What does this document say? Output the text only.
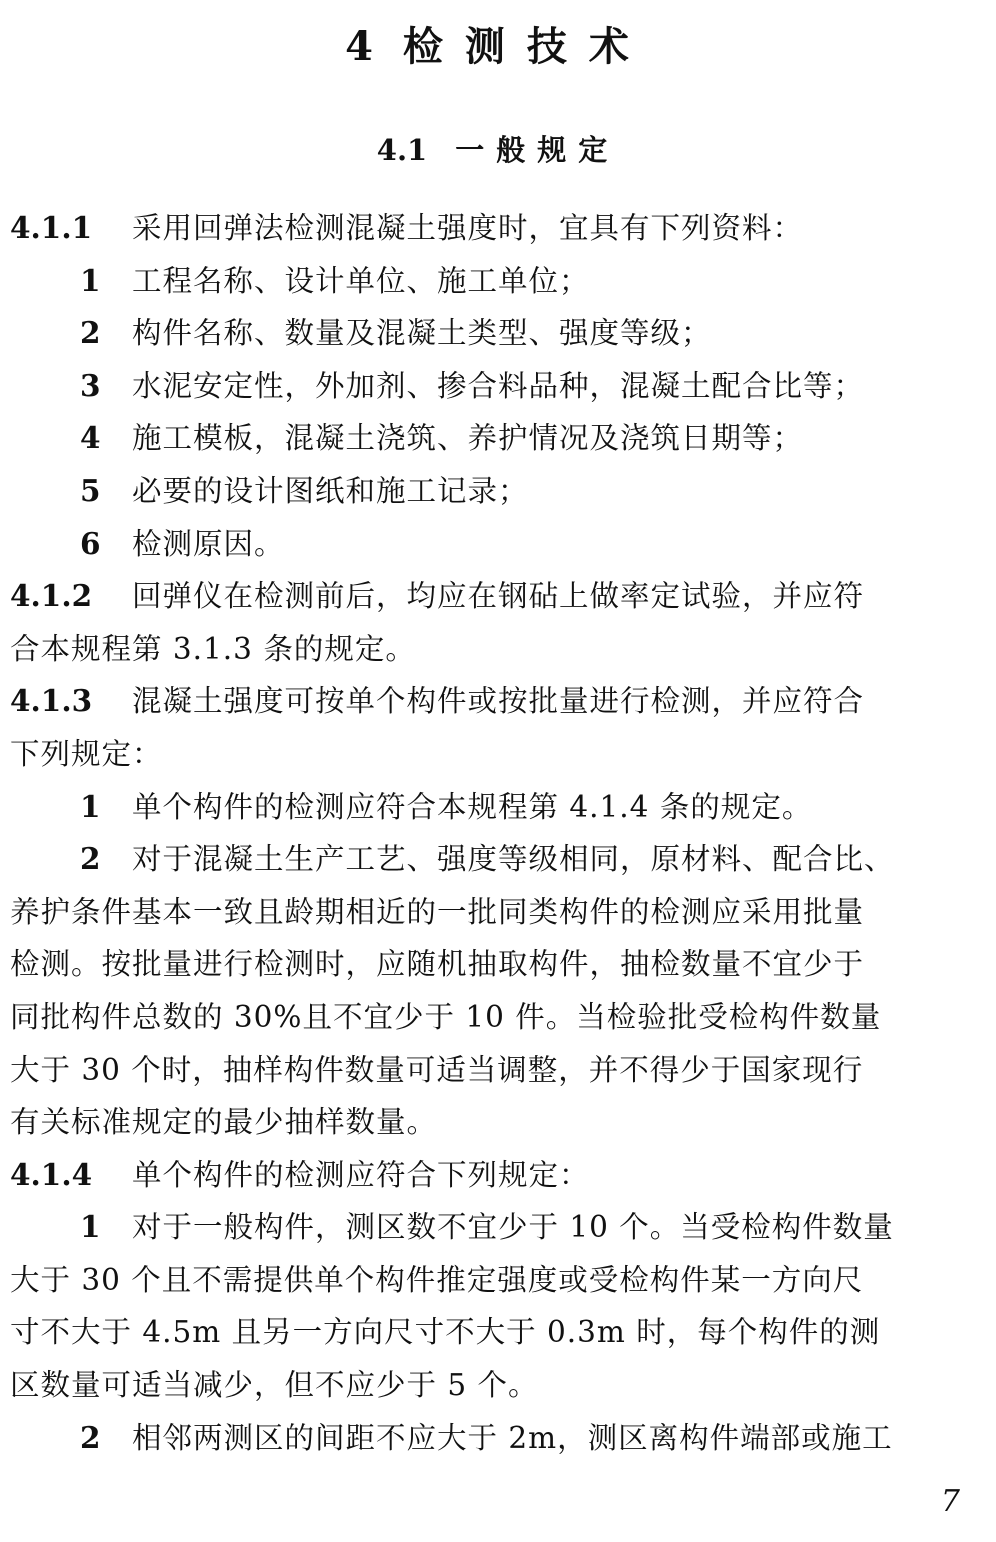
4 检测技术
4.1 一般规定

4.1.1 采用回弹法检测混凝土强度时，宜具有下列资料：

1 工程名称、设计单位、施工单位；

2 构件名称、数量及混凝土类型、强度等级；

3 水泥安定性，外加剂、掺合料品种，混凝土配合比等；

4 施工模板，混凝土浇筑、养护情况及浇筑日期等；

5 必要的设计图纸和施工记录；

6 检测原因。

4.1.2 回弹仪在检测前后，均应在钢砧上做率定试验，并应符

合本规程第 3.1.3 条的规定。

4.1.3 混凝土强度可按单个构件或按批量进行检测，并应符合

下列规定：

1 单个构件的检测应符合本规程第 4.1.4 条的规定。

2 对于混凝土生产工艺、强度等级相同，原材料、配合比、

养护条件基本一致且龄期相近的一批同类构件的检测应采用批量

检测。按批量进行检测时，应随机抽取构件，抽检数量不宜少于

同批构件总数的 30%且不宜少于 10 件。当检验批受检构件数量

大于 30 个时，抽样构件数量可适当调整，并不得少于国家现行

有关标准规定的最少抽样数量。

4.1.4 单个构件的检测应符合下列规定：

1 对于一般构件，测区数不宜少于 10 个。当受检构件数量

大于 30 个且不需提供单个构件推定强度或受检构件某一方向尺

寸不大于 4.5m 且另一方向尺寸不大于 0.3m 时，每个构件的测

区数量可适当减少，但不应少于 5 个。

2 相邻两测区的间距不应大于 2m，测区离构件端部或施工

7
